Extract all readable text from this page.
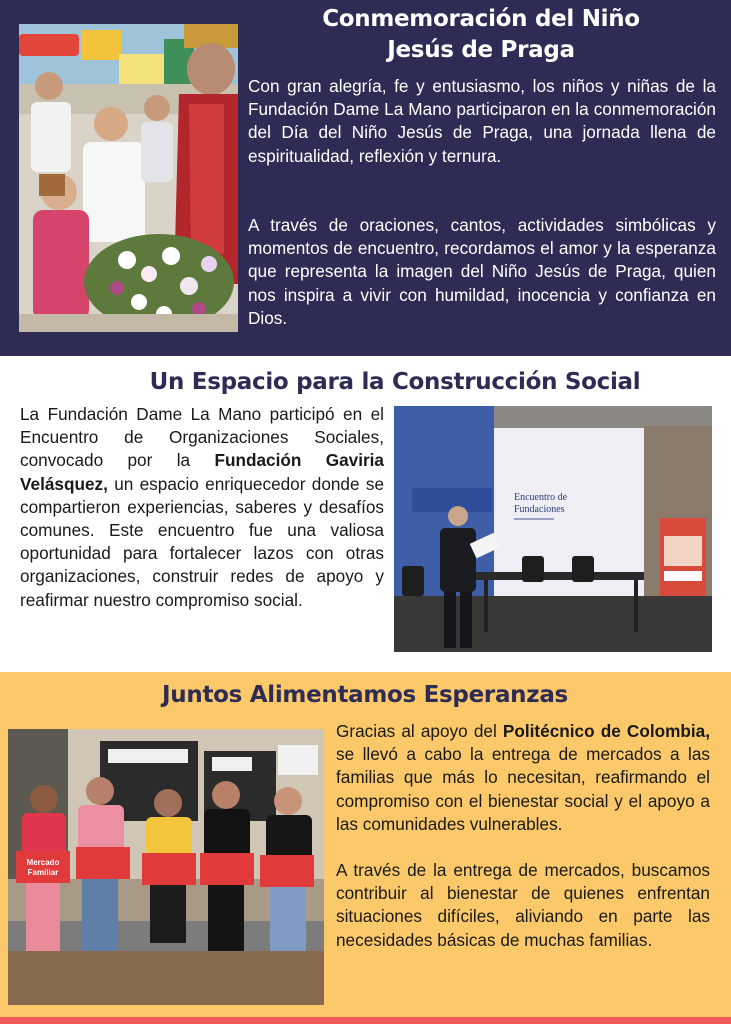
Conmemoración del Niño
Jesús de Praga

Con gran alegría, fe y entusiasmo, los niños y niñas de la Fundación Dame La Mano participaron en la conmemoración del Día del Niño Jesús de Praga, una jornada llena de espiritualidad, reflexión y ternura.

A través de oraciones, cantos, actividades simbólicas y momentos de encuentro, recordamos el amor y la esperanza que representa la imagen del Niño Jesús de Praga, quien nos inspira a vivir con humildad, inocencia y confianza en Dios.

Un Espacio para la Construcción Social

La Fundación Dame La Mano participó en el Encuentro de Organizaciones Sociales, convocado por la Fundación Gaviria Velásquez, un espacio enriquecedor donde se compartieron experiencias, saberes y desafíos comunes. Este encuentro fue una valiosa oportunidad para fortalecer lazos con otras organizaciones, construir redes de apoyo y reafirmar nuestro compromiso social.

Encuentro de
Fundaciones
Juntos Alimentamos Esperanzas
Mercado
Familiar

Gracias al apoyo del Politécnico de Colombia, se llevó a cabo la entrega de mercados a las familias que más lo necesitan, reafirmando el compromiso con el bienestar social y el apoyo a las comunidades vulnerables.

A través de la entrega de mercados, buscamos contribuir al bienestar de quienes enfrentan situaciones difíciles, aliviando en parte las necesidades básicas de muchas familias.
